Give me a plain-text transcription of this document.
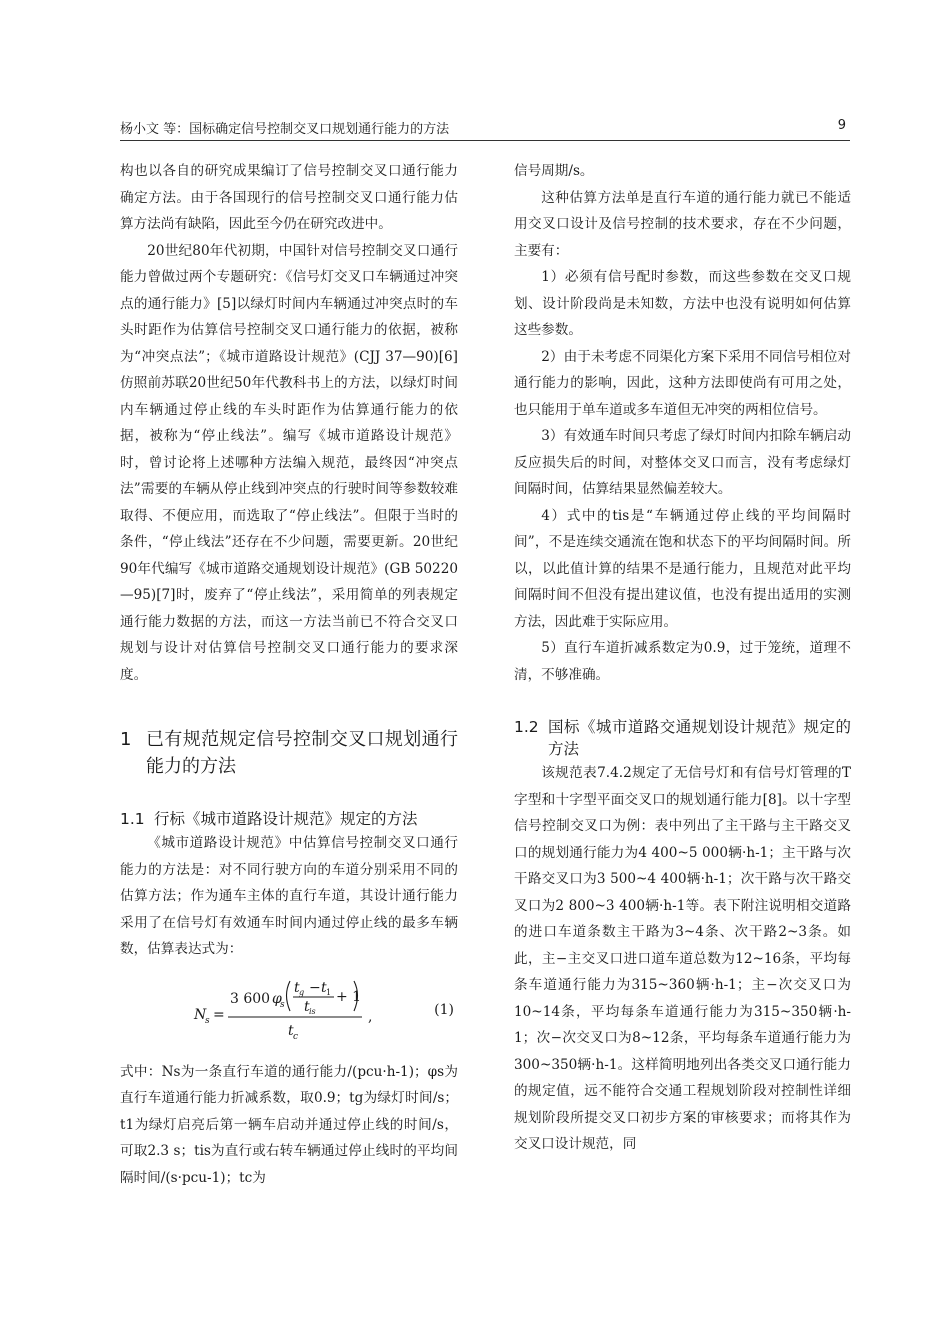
杨小文 等：国标确定信号控制交叉口规划通行能力的方法	9

构也以各自的研究成果编订了信号控制交叉口通行能力确定方法。由于各国现行的信号控制交叉口通行能力估算方法尚有缺陷，因此至今仍在研究改进中。

20世纪80年代初期，中国针对信号控制交叉口通行能力曾做过两个专题研究：《信号灯交叉口车辆通过冲突点的通行能力》[5]以绿灯时间内车辆通过冲突点时的车头时距作为估算信号控制交叉口通行能力的依据，被称为“冲突点法”；《城市道路设计规范》(CJJ 37—90)[6]仿照前苏联20世纪50年代教科书上的方法，以绿灯时间内车辆通过停止线的车头时距作为估算通行能力的依据，被称为“停止线法”。编写《城市道路设计规范》时，曾讨论将上述哪种方法编入规范，最终因“冲突点法”需要的车辆从停止线到冲突点的行驶时间等参数较难取得、不便应用，而选取了“停止线法”。但限于当时的条件，“停止线法”还存在不少问题，需要更新。20世纪90年代编写《城市道路交通规划设计规范》(GB 50220—95)[7]时，废弃了“停止线法”，采用简单的列表规定通行能力数据的方法，而这一方法当前已不符合交叉口规划与设计对估算信号控制交叉口通行能力的要求深度。

1 已有规范规定信号控制交叉口规划通行能力的方法
1.1 行标《城市道路设计规范》规定的方法

《城市道路设计规范》中估算信号控制交叉口通行能力的方法是：对不同行驶方向的车道分别采用不同的估算方法；作为通车主体的直行车道，其设计通行能力采用了在信号灯有效通车时间内通过停止线的最多车辆数，估算表达式为：

N
s =
3 600 φ
s
t g − t 1
t is
+ 1
t c
,	(1)

式中：Ns为一条直行车道的通行能力/(pcu·h-1)；φs为直行车道通行能力折减系数，取0.9；tg为绿灯时间/s；t1为绿灯启亮后第一辆车启动并通过停止线的时间/s，可取2.3 s；tis为直行或右转车辆通过停止线时的平均间隔时间/(s·pcu-1)；tc为

信号周期/s。

这种估算方法单是直行车道的通行能力就已不能适用交叉口设计及信号控制的技术要求，存在不少问题，主要有：

1）必须有信号配时参数，而这些参数在交叉口规划、设计阶段尚是未知数，方法中也没有说明如何估算这些参数。

2）由于未考虑不同渠化方案下采用不同信号相位对通行能力的影响，因此，这种方法即使尚有可用之处，也只能用于单车道或多车道但无冲突的两相位信号。

3）有效通车时间只考虑了绿灯时间内扣除车辆启动反应损失后的时间，对整体交叉口而言，没有考虑绿灯间隔时间，估算结果显然偏差较大。

4）式中的tis是“车辆通过停止线的平均间隔时间”，不是连续交通流在饱和状态下的平均间隔时间。所以，以此值计算的结果不是通行能力，且规范对此平均间隔时间不但没有提出建议值，也没有提出适用的实测方法，因此难于实际应用。

5）直行车道折减系数定为0.9，过于笼统，道理不清，不够准确。

1.2 国标《城市道路交通规划设计规范》规定的方法

该规范表7.4.2规定了无信号灯和有信号灯管理的T字型和十字型平面交叉口的规划通行能力[8]。以十字型信号控制交叉口为例：表中列出了主干路与主干路交叉口的规划通行能力为4 400~5 000辆·h-1；主干路与次干路交叉口为3 500~4 400辆·h-1；次干路与次干路交叉口为2 800~3 400辆·h-1等。表下附注说明相交道路的进口车道条数主干路为3~4条、次干路2~3条。如此，主−主交叉口进口道车道总数为12~16条，平均每条车道通行能力为315~360辆·h-1；主−次交叉口为10~14条，平均每条车道通行能力为315~350辆·h-1；次−次交叉口为8~12条，平均每条车道通行能力为300~350辆·h-1。这样简明地列出各类交叉口通行能力的规定值，远不能符合交通工程规划阶段对控制性详细规划阶段所提交叉口初步方案的审核要求；而将其作为交叉口设计规范，同
